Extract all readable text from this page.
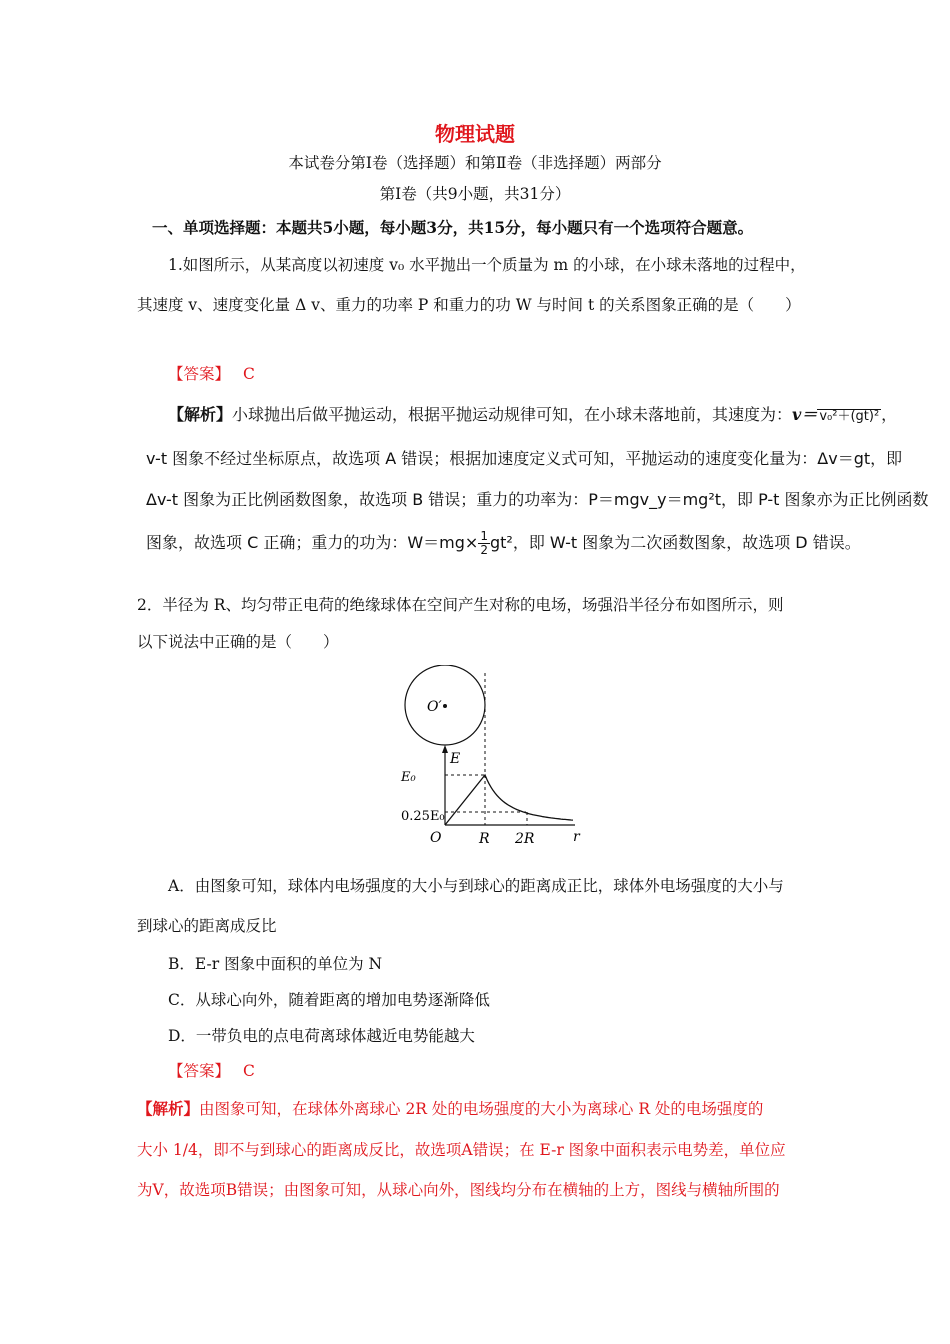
物理试题
本试卷分第Ⅰ卷（选择题）和第Ⅱ卷（非选择题）两部分
第Ⅰ卷（共9小题，共31分）
一、单项选择题：本题共5小题，每小题3分，共15分，每小题只有一个选项符合题意。
1.如图所示，从某高度以初速度 v₀ 水平抛出一个质量为 m 的小球，在小球未落地的过程中，
其速度 v、速度变化量 Δ v、重力的功率 P 和重力的功 W 与时间 t 的关系图象正确的是（　　）
【答案】 C
【解析】小球抛出后做平抛运动，根据平抛运动规律可知，在小球未落地前，其速度为：v＝ v₀²＋(gt)² ，
v-t 图象不经过坐标原点，故选项 A 错误；根据加速度定义式可知，平抛运动的速度变化量为：Δv＝gt，即
Δv-t 图象为正比例函数图象，故选项 B 错误；重力的功率为：P＝mgv_y＝mg²t，即 P-t 图象亦为正比例函数
图象，故选项 C 正确；重力的功为：$W=mg\times \frac{1}{2} gt^2$，即 W-t 图象为二次函数图象，故选项 D 错误。
2．半径为 R、均匀带正电荷的绝缘球体在空间产生对称的电场，场强沿半径分布如图所示，则
以下说法中正确的是（　　）
O′
E
r
O
E₀
0.25E₀
R 2R
A．由图象可知，球体内电场强度的大小与到球心的距离成正比，球体外电场强度的大小与
到球心的距离成反比
B．E-r 图象中面积的单位为 N
C．从球心向外，随着距离的增加电势逐渐降低
D．一带负电的点电荷离球体越近电势能越大
【答案】 C
【解析】由图象可知，在球体外离球心 2R 处的电场强度的大小为离球心 R 处的电场强度的
大小 1/4，即不与到球心的距离成反比，故选项A错误；在 E-r 图象中面积表示电势差，单位应
为V，故选项B错误；由图象可知，从球心向外，图线均分布在横轴的上方，图线与横轴所围的
